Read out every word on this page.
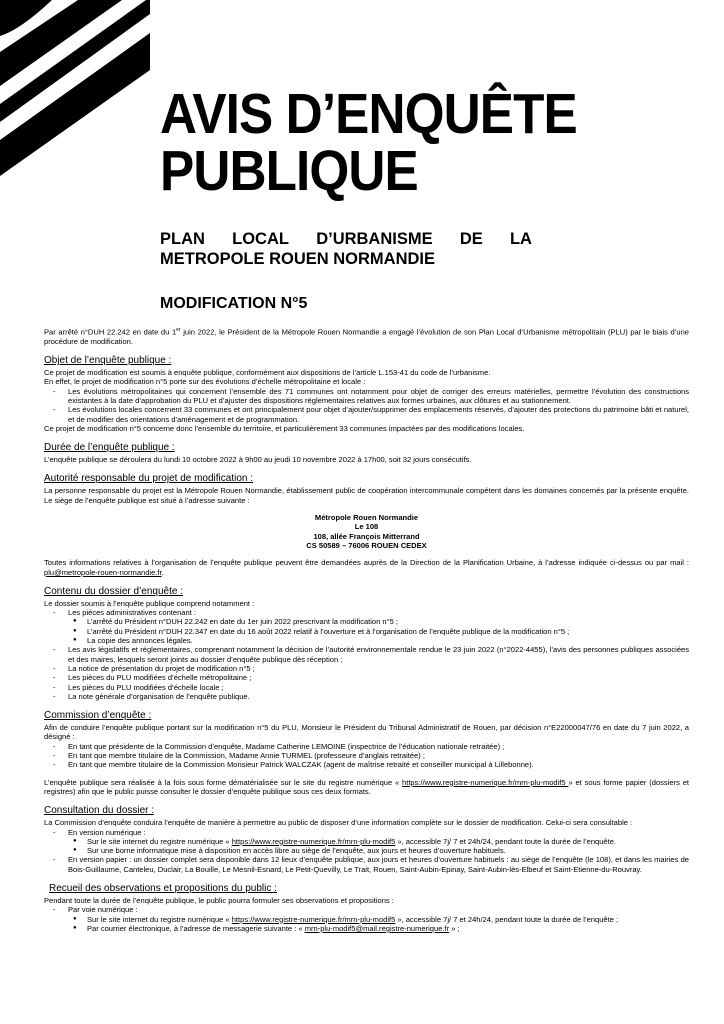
AVIS D’ENQUÊTE
PUBLIQUE
PLAN LOCAL D’URBANISME DE LA
METROPOLE ROUEN NORMANDIE
MODIFICATION N°5

Par arrêté n°DUH 22.242 en date du 1er juin 2022, le Président de la Métropole Rouen Normandie a engagé l’évolution de son Plan Local d’Urbanisme métropolitain (PLU) par le biais d’une procédure de modification.

Objet de l’enquête publique :

Ce projet de modification est soumis à enquête publique, conformément aux dispositions de l’article L.153-41 du code de l’urbanisme.

En effet, le projet de modification n°5 porte sur des évolutions d’échelle métropolitaine et locale :

- Les évolutions métropolitaines qui concernent l’ensemble des 71 communes ont notamment pour objet de corriger des erreurs matérielles, permettre l’évolution des constructions existantes à la date d’approbation du PLU et d’ajuster des dispositions réglementaires relatives aux formes urbaines, aux clôtures et au stationnement.

- Les évolutions locales concernent 33 communes et ont principalement pour objet d’ajouter/supprimer des emplacements réservés, d’ajouter des protections du patrimoine bâti et naturel, et de modifier des orientations d’aménagement et de programmation.

Ce projet de modification n°5 concerne donc l’ensemble du territoire, et particulièrement 33 communes impactées par des modifications locales.

Durée de l’enquête publique :

L’enquête publique se déroulera du lundi 10 octobre 2022 à 9h00 au jeudi 10 novembre 2022 à 17h00, soit 32 jours consécutifs.

Autorité responsable du projet de modification :

La personne responsable du projet est la Métropole Rouen Normandie, établissement public de coopération intercommunale compétent dans les domaines concernés par la présente enquête. Le siège de l’enquête publique est situé à l’adresse suivante :

Métropole Rouen Normandie

Le 108

108, allée François Mitterrand

CS 50589 – 76006 ROUEN CEDEX

Toutes informations relatives à l’organisation de l’enquête publique peuvent être demandées auprès de la Direction de la Planification Urbaine, à l’adresse indiquée ci-dessus ou par mail : plu@metropole-rouen-normandie.fr.

Contenu du dossier d’enquête :

Le dossier soumis à l’enquête publique comprend notamment :

- Les pièces administratives contenant :

● L’arrêté du Président n°DUH 22.242 en date du 1er juin 2022 prescrivant la modification n°5 ;

● L’arrêté du Président n°DUH 22.347 en date du 16 août 2022 relatif à l’ouverture et à l’organisation de l’enquête publique de la modification n°5 ;

● La copie des annonces légales.

- Les avis législatifs et réglementaires, comprenant notamment la décision de l’autorité environnementale rendue le 23 juin 2022 (n°2022-4455), l’avis des personnes publiques associées et des maires, lesquels seront joints au dossier d’enquête publique dès réception ;

- La notice de présentation du projet de modification n°5 ;

- Les pièces du PLU modifiées d’échelle métropolitaine ;

- Les pièces du PLU modifiées d’échelle locale ;

- La note générale d’organisation de l’enquête publique.

Commission d’enquête :

Afin de conduire l’enquête publique portant sur la modification n°5 du PLU, Monsieur le Président du Tribunal Administratif de Rouen, par décision n°E22000047/76 en date du 7 juin 2022, a désigné :

- En tant que présidente de la Commission d’enquête, Madame Catherine LEMOINE (inspectrice de l’éducation nationale retraitée) ;

- En tant que membre titulaire de la Commission, Madame Annie TURMEL (professeure d’anglais retraitée) ;

- En tant que membre titulaire de la Commission Monsieur Patrick WALCZAK (agent de maîtrise retraité et conseiller municipal à Lillebonne).

L’enquête publique sera réalisée à la fois sous forme dématérialisée sur le site du registre numérique « https://www.registre-numerique.fr/mrn-plu-modif5 » et sous forme papier (dossiers et registres) afin que le public puisse consulter le dossier d’enquête publique sous ces deux formats.

Consultation du dossier :

La Commission d’enquête conduira l’enquête de manière à permettre au public de disposer d’une information complète sur le dossier de modification. Celui-ci sera consultable :

- En version numérique :

● Sur le site internet du registre numérique « https://www.registre-numerique.fr/mrn-plu-modif5 », accessible 7j/ 7 et 24h/24, pendant toute la durée de l’enquête.

● Sur une borne informatique mise à disposition en accès libre au siège de l’enquête, aux jours et heures d’ouverture habituels.

- En version papier : un dossier complet sera disponible dans 12 lieux d’enquête publique, aux jours et heures d’ouverture habituels : au siège de l’enquête (le 108), et dans les mairies de Bois-Guillaume, Canteleu, Duclair, La Bouille, Le Mesnil-Esnard, Le Petit-Quevilly, Le Trait, Rouen, Saint-Aubin-Epinay, Saint-Aubin-lès-Elbeuf et Saint-Etienne-du-Rouvray.

Recueil des observations et propositions du public :

Pendant toute la durée de l’enquête publique, le public pourra formuler ses observations et propositions :

- Par voie numérique :

● Sur le site internet du registre numérique « https://www.registre-numerique.fr/mrn-plu-modif5 », accessible 7j/ 7 et 24h/24, pendant toute la durée de l’enquête ;

● Par courrier électronique, à l’adresse de messagerie suivante : « mrn-plu-modif5@mail.registre-numerique.fr » ;
